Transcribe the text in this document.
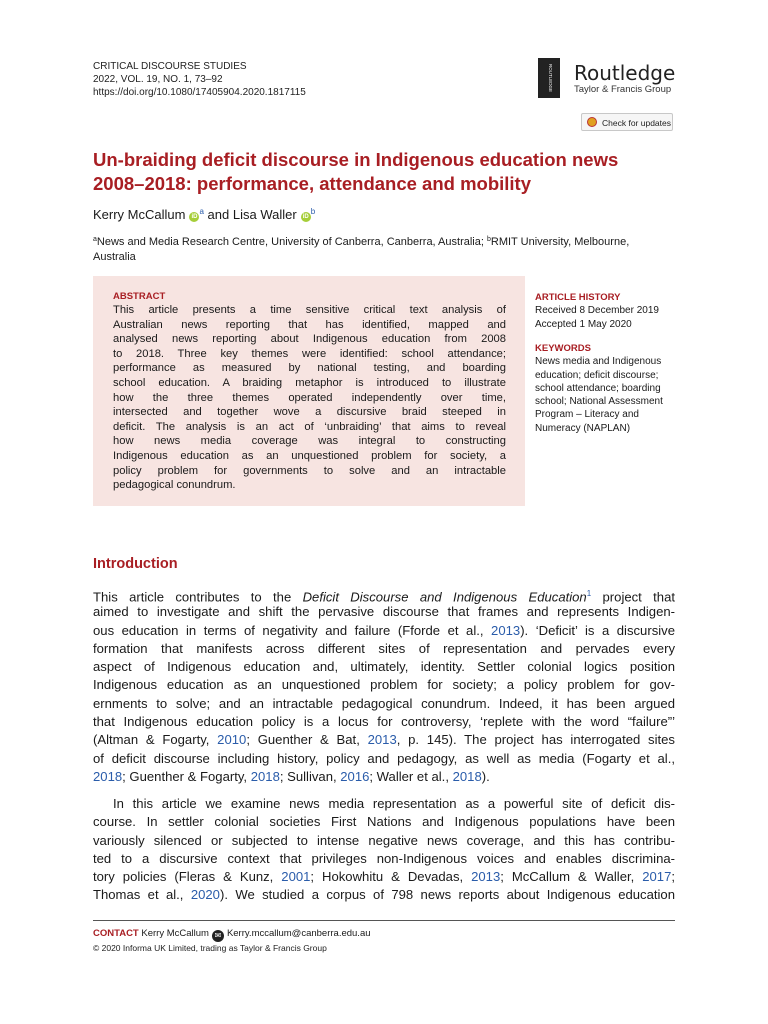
CRITICAL DISCOURSE STUDIES
2022, VOL. 19, NO. 1, 73–92
https://doi.org/10.1080/17405904.2020.1817115
ROUTLEDGE Routledge
Taylor & Francis Group
Check for updates
Un-braiding deficit discourse in Indigenous education news
2008–2018: performance, attendance and mobility
Kerry McCallum $iD^a$ and Lisa Waller $iD^b$
$^a$News and Media Research Centre, University of Canberra, Canberra, Australia; $^b$RMIT University, Melbourne,
Australia
ABSTRACT
This article presents a time sensitive critical text analysis of
Australian news reporting that has identified, mapped and
analysed news reporting about Indigenous education from 2008
to 2018. Three key themes were identified: school attendance;
performance as measured by national testing, and boarding
school education. A braiding metaphor is introduced to illustrate
how the three themes operated independently over time,
intersected and together wove a discursive braid steeped in
deficit. The analysis is an act of ‘unbraiding’ that aims to reveal
how news media coverage was integral to constructing
Indigenous education as an unquestioned problem for society, a
policy problem for governments to solve and an intractable
pedagogical conundrum.
ARTICLE HISTORY
Received 8 December 2019
Accepted 1 May 2020
KEYWORDS
News media and Indigenous
education; deficit discourse;
school attendance; boarding
school; National Assessment
Program – Literacy and
Numeracy (NAPLAN)
Introduction
This article contributes to the Deficit Discourse and Indigenous Education$^1$ project that
aimed to investigate and shift the pervasive discourse that frames and represents Indigen-
ous education in terms of negativity and failure (Fforde et al., 2013). ‘Deficit’ is a discursive
formation that manifests across different sites of representation and pervades every
aspect of Indigenous education and, ultimately, identity. Settler colonial logics position
Indigenous education as an unquestioned problem for society; a policy problem for gov-
ernments to solve; and an intractable pedagogical conundrum. Indeed, it has been argued
that Indigenous education policy is a locus for controversy, ‘replete with the word “failure”’
(Altman & Fogarty, 2010; Guenther & Bat, 2013, p. 145). The project has interrogated sites
of deficit discourse including history, policy and pedagogy, as well as media (Fogarty et al.,
2018; Guenther & Fogarty, 2018; Sullivan, 2016; Waller et al., 2018).
In this article we examine news media representation as a powerful site of deficit dis-
course. In settler colonial societies First Nations and Indigenous populations have been
variously silenced or subjected to intense negative news coverage, and this has contribu-
ted to a discursive context that privileges non-Indigenous voices and enables discrimina-
tory policies (Fleras & Kunz, 2001; Hokowhitu & Devadas, 2013; McCallum & Waller, 2017;
Thomas et al., 2020). We studied a corpus of 798 news reports about Indigenous education
CONTACT Kerry McCallum ✉ Kerry.mccallum@canberra.edu.au
© 2020 Informa UK Limited, trading as Taylor & Francis Group
